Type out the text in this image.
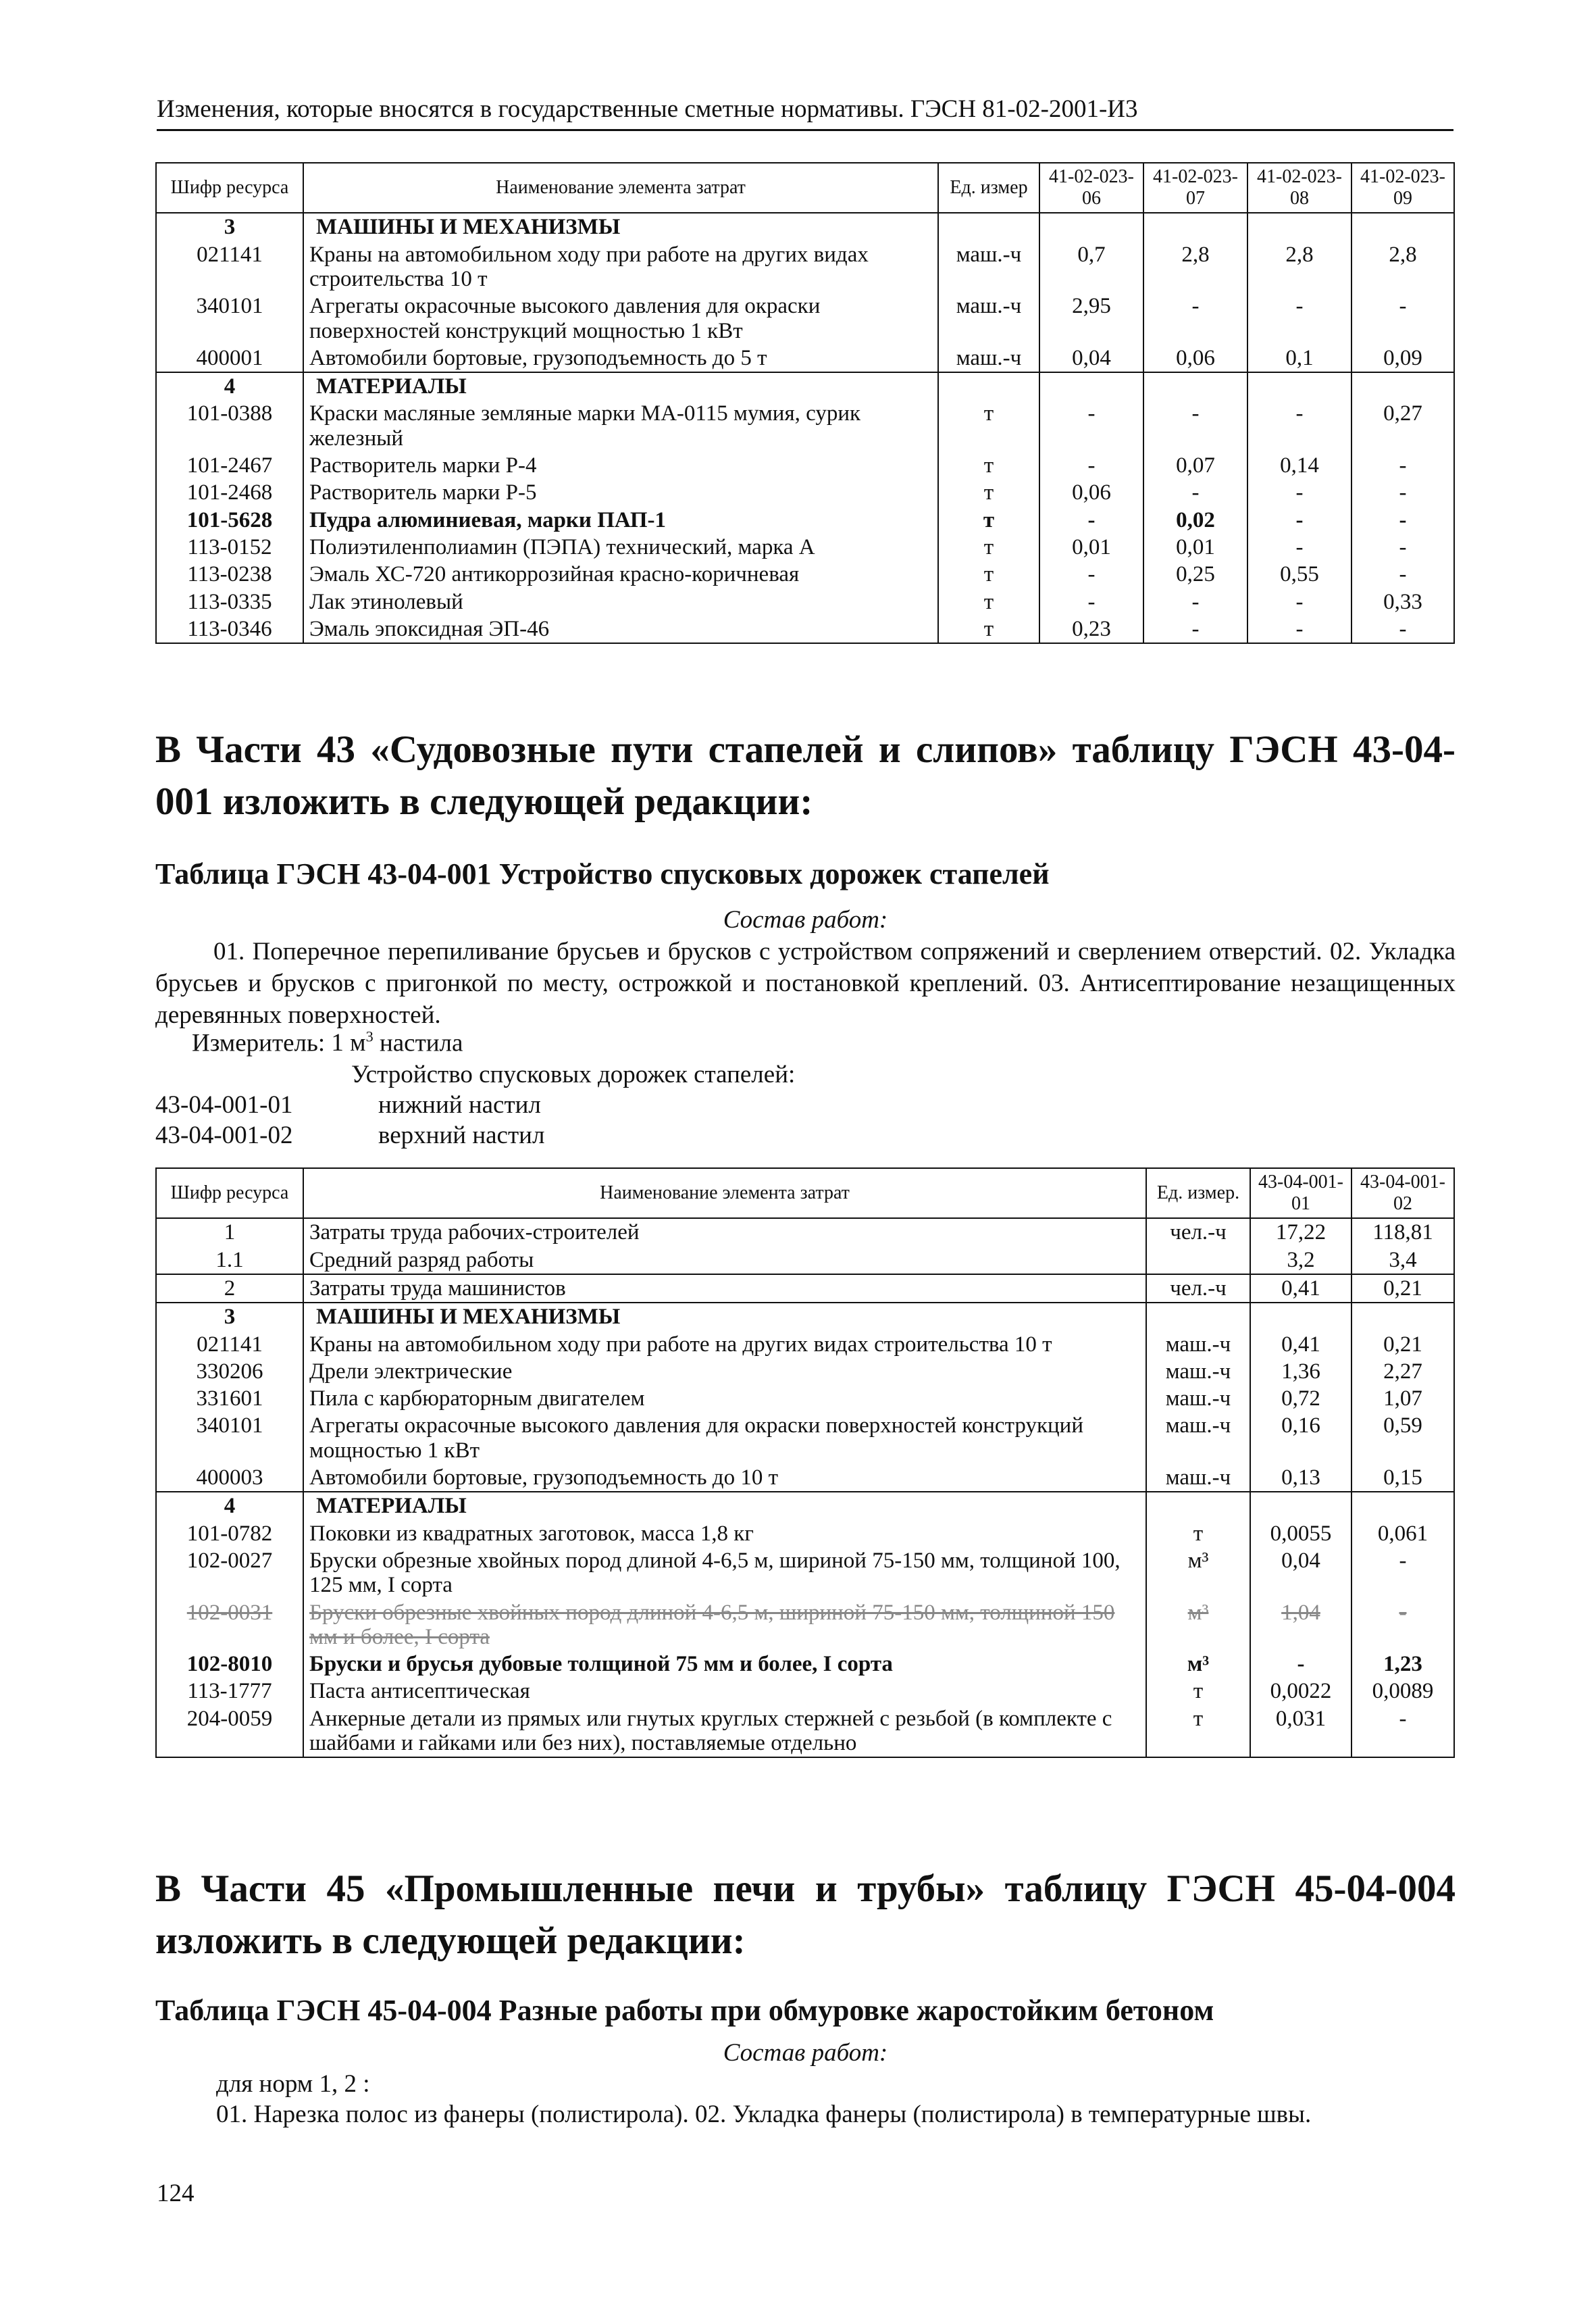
Изменения, которые вносятся в государственные сметные нормативы. ГЭСН 81-02-2001-И3
Шифр ресурса	Наименование элемента затрат	Ед. измер	41-02-023-06	41-02-023-07	41-02-023-08	41-02-023-09
3	МАШИНЫ И МЕХАНИЗМЫ					
021141	Краны на автомобильном ходу при работе на других видах строительства 10 т	маш.-ч	0,7	2,8	2,8	2,8
340101	Агрегаты окрасочные высокого давления для окраски поверхностей конструкций мощностью 1 кВт	маш.-ч	2,95	-	-	-
400001	Автомобили бортовые, грузоподъемность до 5 т	маш.-ч	0,04	0,06	0,1	0,09
4	МАТЕРИАЛЫ					
101-0388	Краски масляные земляные марки МА-0115 мумия, сурик железный	т	-	-	-	0,27
101-2467	Растворитель марки Р-4	т	-	0,07	0,14	-
101-2468	Растворитель марки Р-5	т	0,06	-	-	-
101-5628	Пудра алюминиевая, марки ПАП-1	т	-	0,02	-	-
113-0152	Полиэтиленполиамин (ПЭПА) технический, марка А	т	0,01	0,01	-	-
113-0238	Эмаль ХС-720 антикоррозийная красно-коричневая	т	-	0,25	0,55	-
113-0335	Лак этинолевый	т	-	-	-	0,33
113-0346	Эмаль эпоксидная ЭП-46	т	0,23	-	-	-
В Части 43 «Судовозные пути стапелей и слипов» таблицу ГЭСН 43-04-001 изложить в следующей редакции:
Таблица ГЭСН 43-04-001 Устройство спусковых дорожек стапелей
Состав работ:
01. Поперечное перепиливание брусьев и брусков с устройством сопряжений и сверлением отверстий. 02. Укладка брусьев и брусков с пригонкой по месту, острожкой и постановкой креплений. 03. Антисептирование незащищенных деревянных поверхностей.
Измеритель: 1 $м^3$ настила
Устройство спусковых дорожек стапелей:
43-04-001-01	нижний настил
43-04-001-02	верхний настил
Шифр ресурса	Наименование элемента затрат	Ед. измер.	43-04-001-01	43-04-001-02
1	Затраты труда рабочих-строителей	чел.-ч	17,22	118,81
1.1	Средний разряд работы		3,2	3,4
2	Затраты труда машинистов	чел.-ч	0,41	0,21
3	МАШИНЫ И МЕХАНИЗМЫ			
021141	Краны на автомобильном ходу при работе на других видах строительства 10 т	маш.-ч	0,41	0,21
330206	Дрели электрические	маш.-ч	1,36	2,27
331601	Пила с карбюраторным двигателем	маш.-ч	0,72	1,07
340101	Агрегаты окрасочные высокого давления для окраски поверхностей конструкций мощностью 1 кВт	маш.-ч	0,16	0,59
400003	Автомобили бортовые, грузоподъемность до 10 т	маш.-ч	0,13	0,15
4	МАТЕРИАЛЫ			
101-0782	Поковки из квадратных заготовок, масса 1,8 кг	т	0,0055	0,061
102-0027	Бруски обрезные хвойных пород длиной 4-6,5 м, шириной 75-150 мм, толщиной 100, 125 мм, I сорта	м³	0,04	-
102-0031	Бруски обрезные хвойных пород длиной 4-6,5 м, шириной 75-150 мм, толщиной 150 мм и более, I сорта	м³	1,04	-
102-8010	Бруски и брусья дубовые толщиной 75 мм и более, I сорта	м³	-	1,23
113-1777	Паста антисептическая	т	0,0022	0,0089
204-0059	Анкерные детали из прямых или гнутых круглых стержней с резьбой (в комплекте с шайбами и гайками или без них), поставляемые отдельно	т	0,031	-
В Части 45 «Промышленные печи и трубы» таблицу ГЭСН 45-04-004 изложить в следующей редакции:
Таблица ГЭСН 45-04-004 Разные работы при обмуровке жаростойким бетоном
Состав работ:
для норм 1, 2 :
01. Нарезка полос из фанеры (полистирола). 02. Укладка фанеры (полистирола) в температурные швы.
124
